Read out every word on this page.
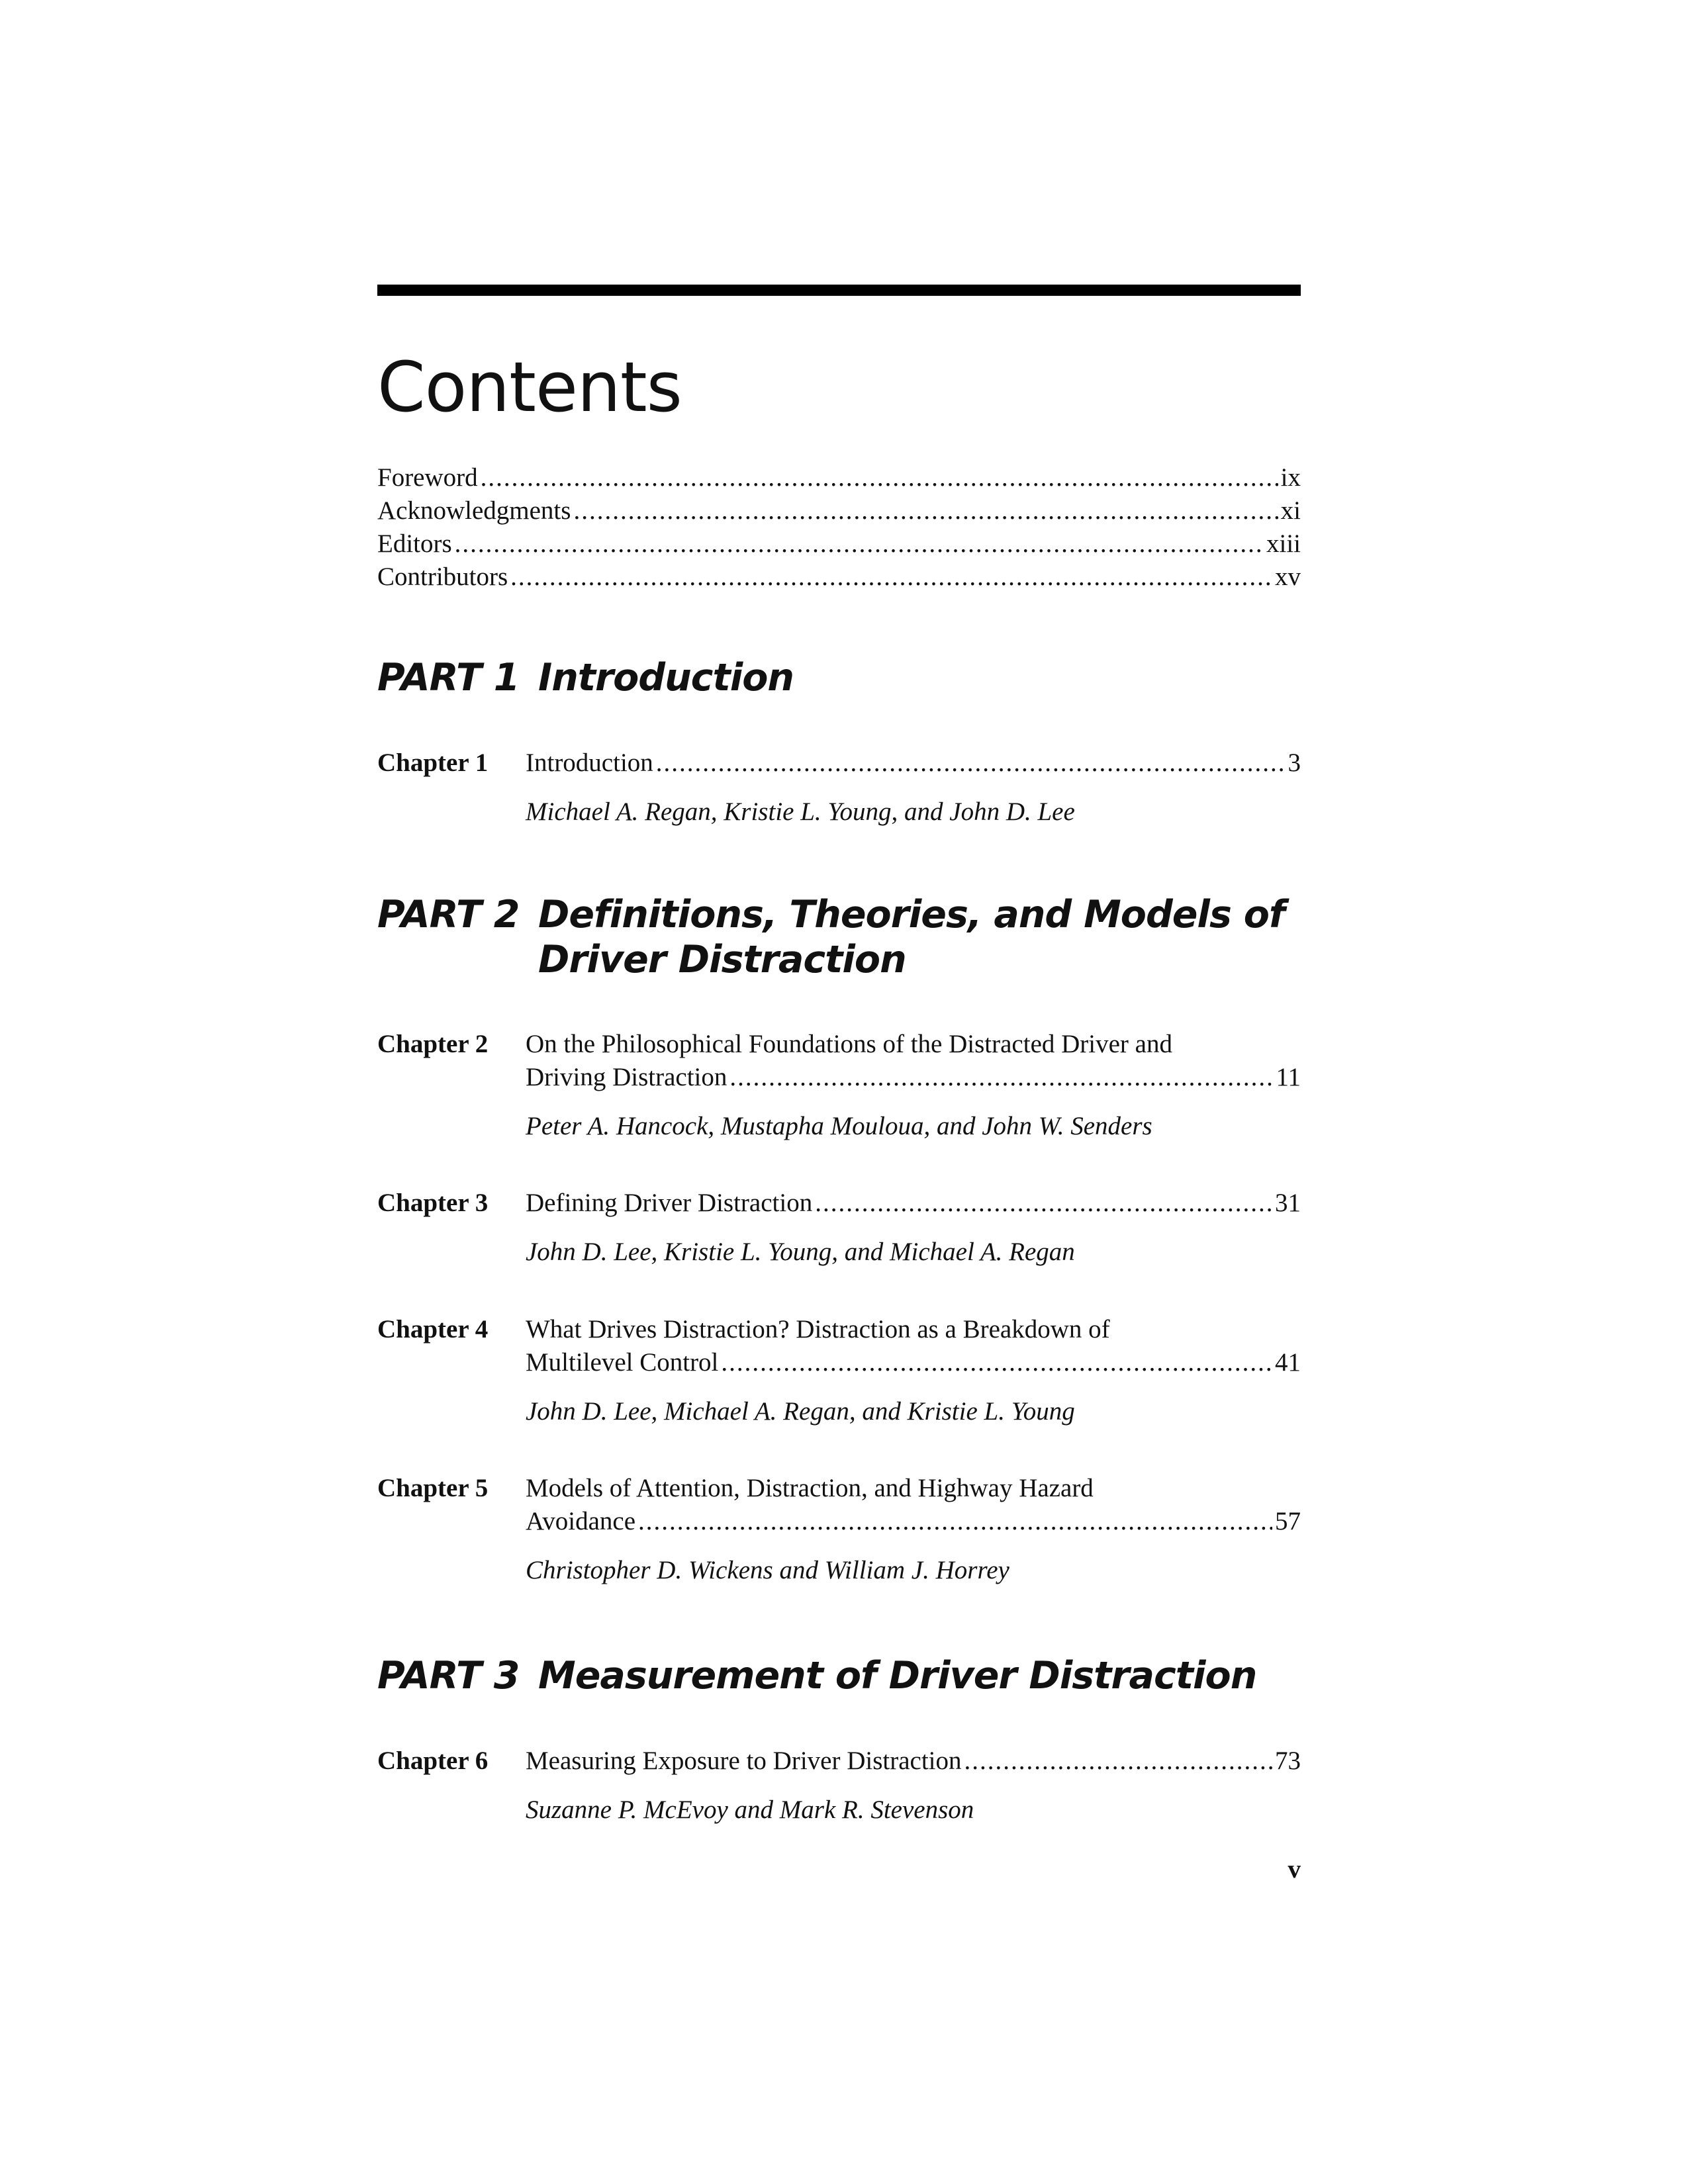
Contents
Foreword .....	ix
Acknowledgments .....	xi
Editors .....	xiii
Contributors .....	xv
PART 1 Introduction
Chapter 1 Introduction .....	3
Michael A. Regan, Kristie L. Young, and John D. Lee
PART 2 Definitions, Theories, and Models of
Driver Distraction
Chapter 2 On the Philosophical Foundations of the Distracted Driver and
Driving Distraction .....	11
Peter A. Hancock, Mustapha Mouloua, and John W. Senders
Chapter 3 Defining Driver Distraction .....	31
John D. Lee, Kristie L. Young, and Michael A. Regan
Chapter 4 What Drives Distraction? Distraction as a Breakdown of
Multilevel Control .....	41
John D. Lee, Michael A. Regan, and Kristie L. Young
Chapter 5 Models of Attention, Distraction, and Highway Hazard
Avoidance .....	57
Christopher D. Wickens and William J. Horrey
PART 3 Measurement of Driver Distraction
Chapter 6 Measuring Exposure to Driver Distraction .....	73
Suzanne P. McEvoy and Mark R. Stevenson
v
